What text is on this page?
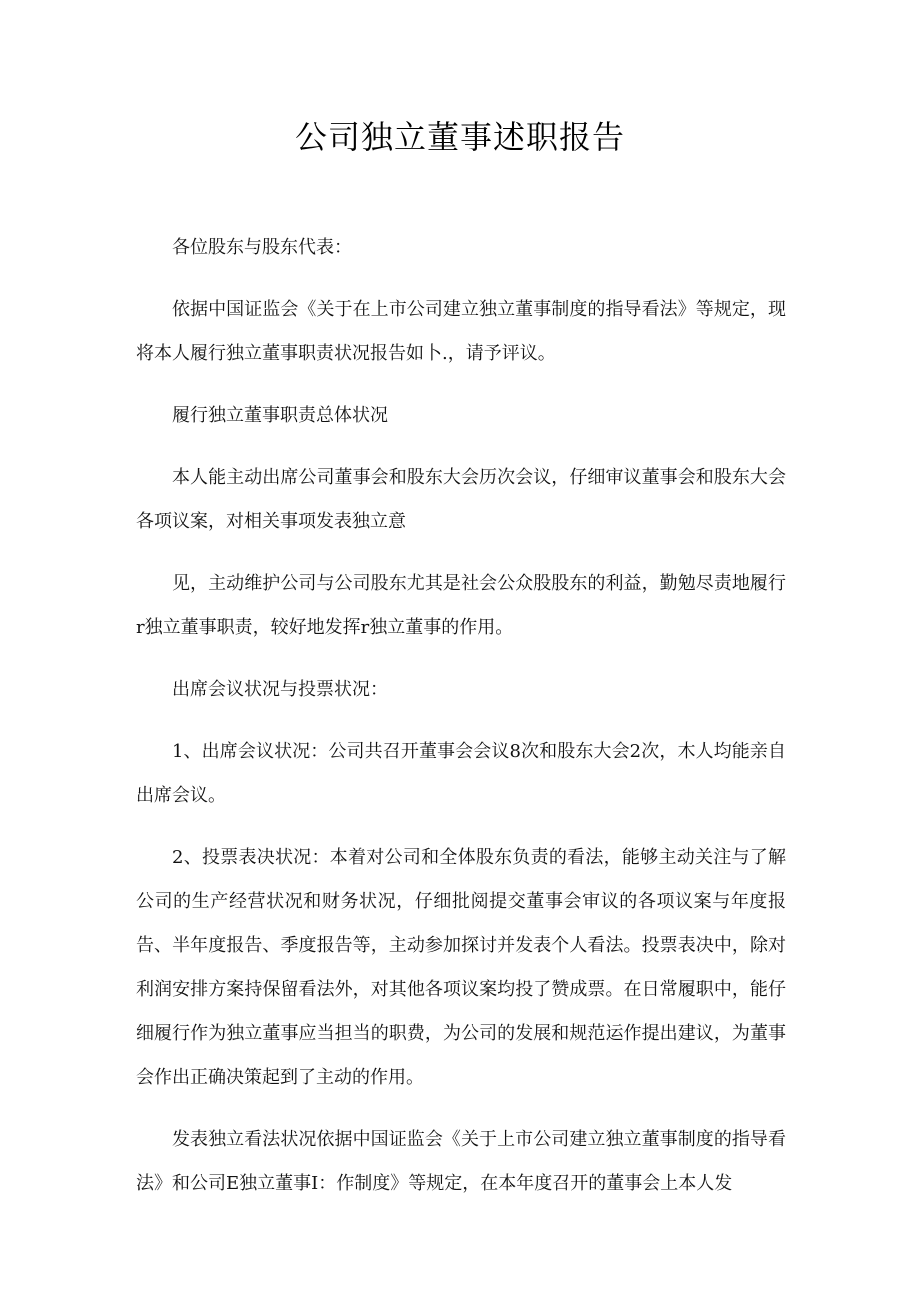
公司独立董事述职报告

各位股东与股东代表：

依据中国证监会《关于在上市公司建立独立董事制度的指导看法》等规定，现将本人履行独立董事职责状况报告如卜.，请予评议。

履行独立董事职责总体状况

本人能主动出席公司董事会和股东大会历次会议，仔细审议董事会和股东大会各项议案，对相关事项发表独立意

见，主动维护公司与公司股东尤其是社会公众股股东的利益，勤勉尽责地履行r独立董事职责，较好地发挥r独立董事的作用。

出席会议状况与投票状况：

1、出席会议状况：公司共召开董事会会议8次和股东大会2次，木人均能亲自出席会议。

2、投票表决状况：本着对公司和全体股东负责的看法，能够主动关注与了解公司的生产经营状况和财务状况，仔细批阅提交董事会审议的各项议案与年度报告、半年度报告、季度报告等，主动参加探讨并发表个人看法。投票表决中，除对利润安排方案持保留看法外，对其他各项议案均投了赞成票。在日常履职中，能仔细履行作为独立董事应当担当的职费，为公司的发展和规范运作提出建议，为董事会作出正确决策起到了主动的作用。

发表独立看法状况依据中国证监会《关于上市公司建立独立董事制度的指导看法》和公司E独立董事I：作制度》等规定，在本年度召开的董事会上本人发
